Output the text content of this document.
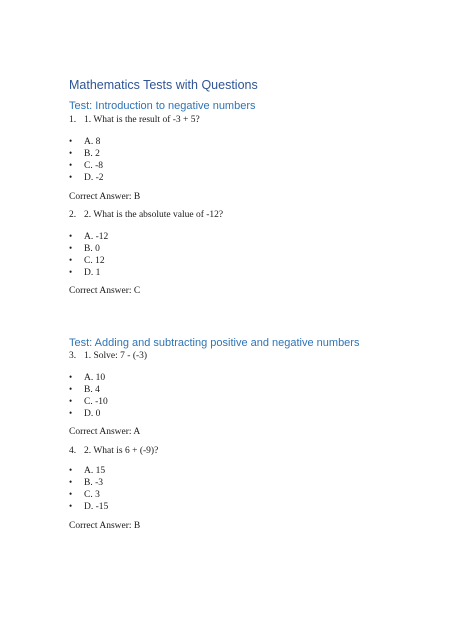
Mathematics Tests with Questions
Test: Introduction to negative numbers
1. 1. What is the result of -3 + 5?
• A. 8
• B. 2
• C. -8
• D. -2
Correct Answer: B
2. 2. What is the absolute value of -12?
• A. -12
• B. 0
• C. 12
• D. 1
Correct Answer: C
Test: Adding and subtracting positive and negative numbers
3. 1. Solve: 7 - (-3)
• A. 10
• B. 4
• C. -10
• D. 0
Correct Answer: A
4. 2. What is 6 + (-9)?
• A. 15
• B. -3
• C. 3
• D. -15
Correct Answer: B
